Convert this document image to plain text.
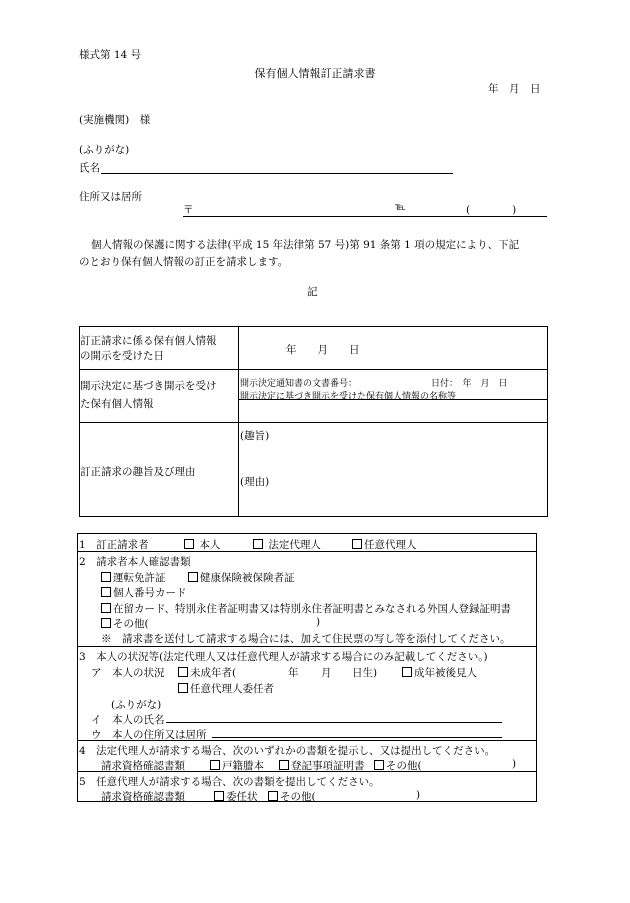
様式第 14 号
保有個人情報訂正請求書
年　月　日
(実施機関)　様
(ふりがな)
氏名
住所又は居所
〒	℡	(　　　　)
個人情報の保護に関する法律(平成 15 年法律第 57 号)第 91 条第 1 項の規定により、下記
のとおり保有個人情報の訂正を請求します。
記
訂正請求に係る保有個人情報
の開示を受けた日	年　　月　　日
開示決定に基づき開示を受け
た保有個人情報
開示決定通知書の文書番号：	日付：　年　月　日
開示決定に基づき開示を受けた保有個人情報の名称等
訂正請求の趣旨及び理由
(趣旨)
(理由)
1　訂正請求者	本人	法定代理人	任意代理人
2　請求者本人確認書類
運転免許証	健康保険被保険者証
個人番号カード
在留カード、特別永住者証明書又は特別永住者証明書とみなされる外国人登録証明書
その他(	)
※　請求書を送付して請求する場合には、加えて住民票の写し等を添付してください。
3　本人の状況等(法定代理人又は任意代理人が請求する場合にのみ記載してください。)
ア　本人の状況	未成年者(	年 月 日生)	成年被後見人
任意代理人委任者
(ふりがな)
イ　本人の氏名
ウ　本人の住所又は居所
4　法定代理人が請求する場合、次のいずれかの書類を提示し、又は提出してください。
請求資格確認書類	戸籍謄本	登記事項証明書	その他(	)
5　任意代理人が請求する場合、次の書類を提出してください。
請求資格確認書類	委任状	その他(	)
